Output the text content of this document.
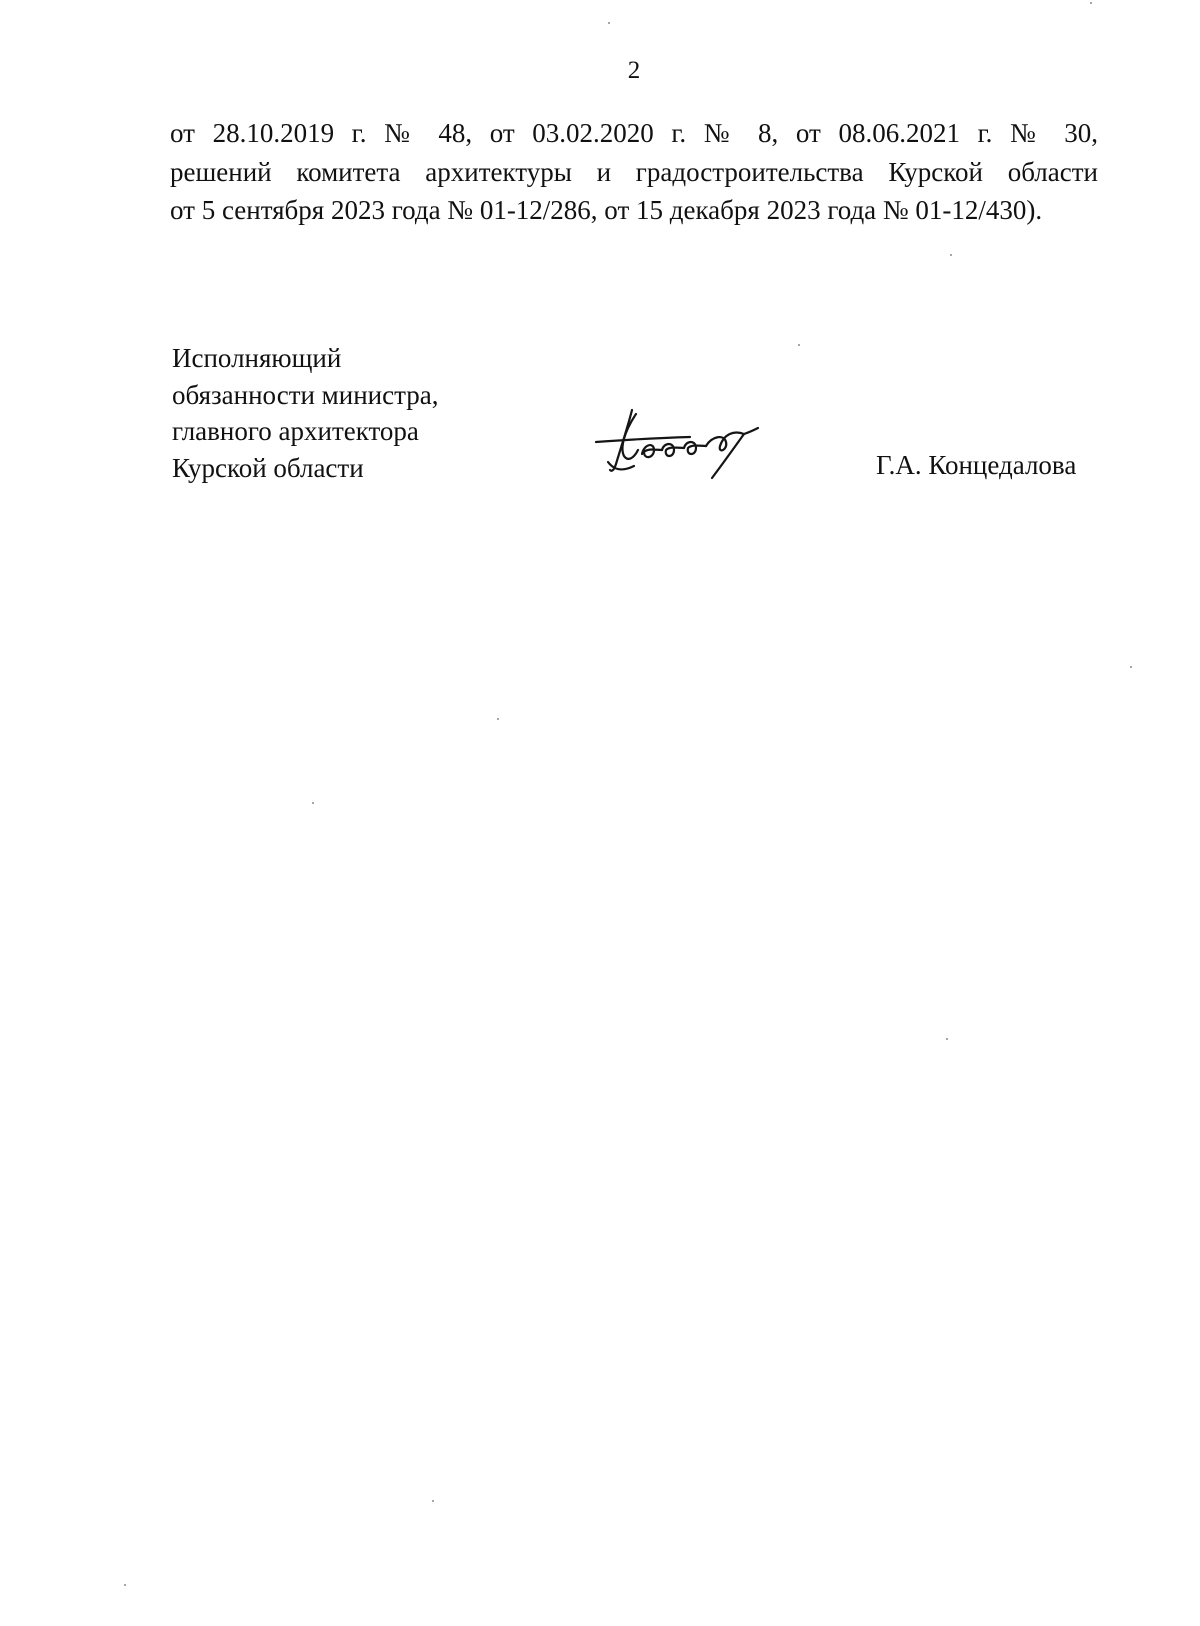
2
от 28.10.2019 г. № 48, от 03.02.2020 г. № 8, от 08.06.2021 г. № 30,
решений комитета архитектуры и градостроительства Курской области
от 5 сентября 2023 года № 01-12/286, от 15 декабря 2023 года № 01-12/430).
Исполняющий
обязанности министра,
главного архитектора
Курской области	Г.А. Концедалова
